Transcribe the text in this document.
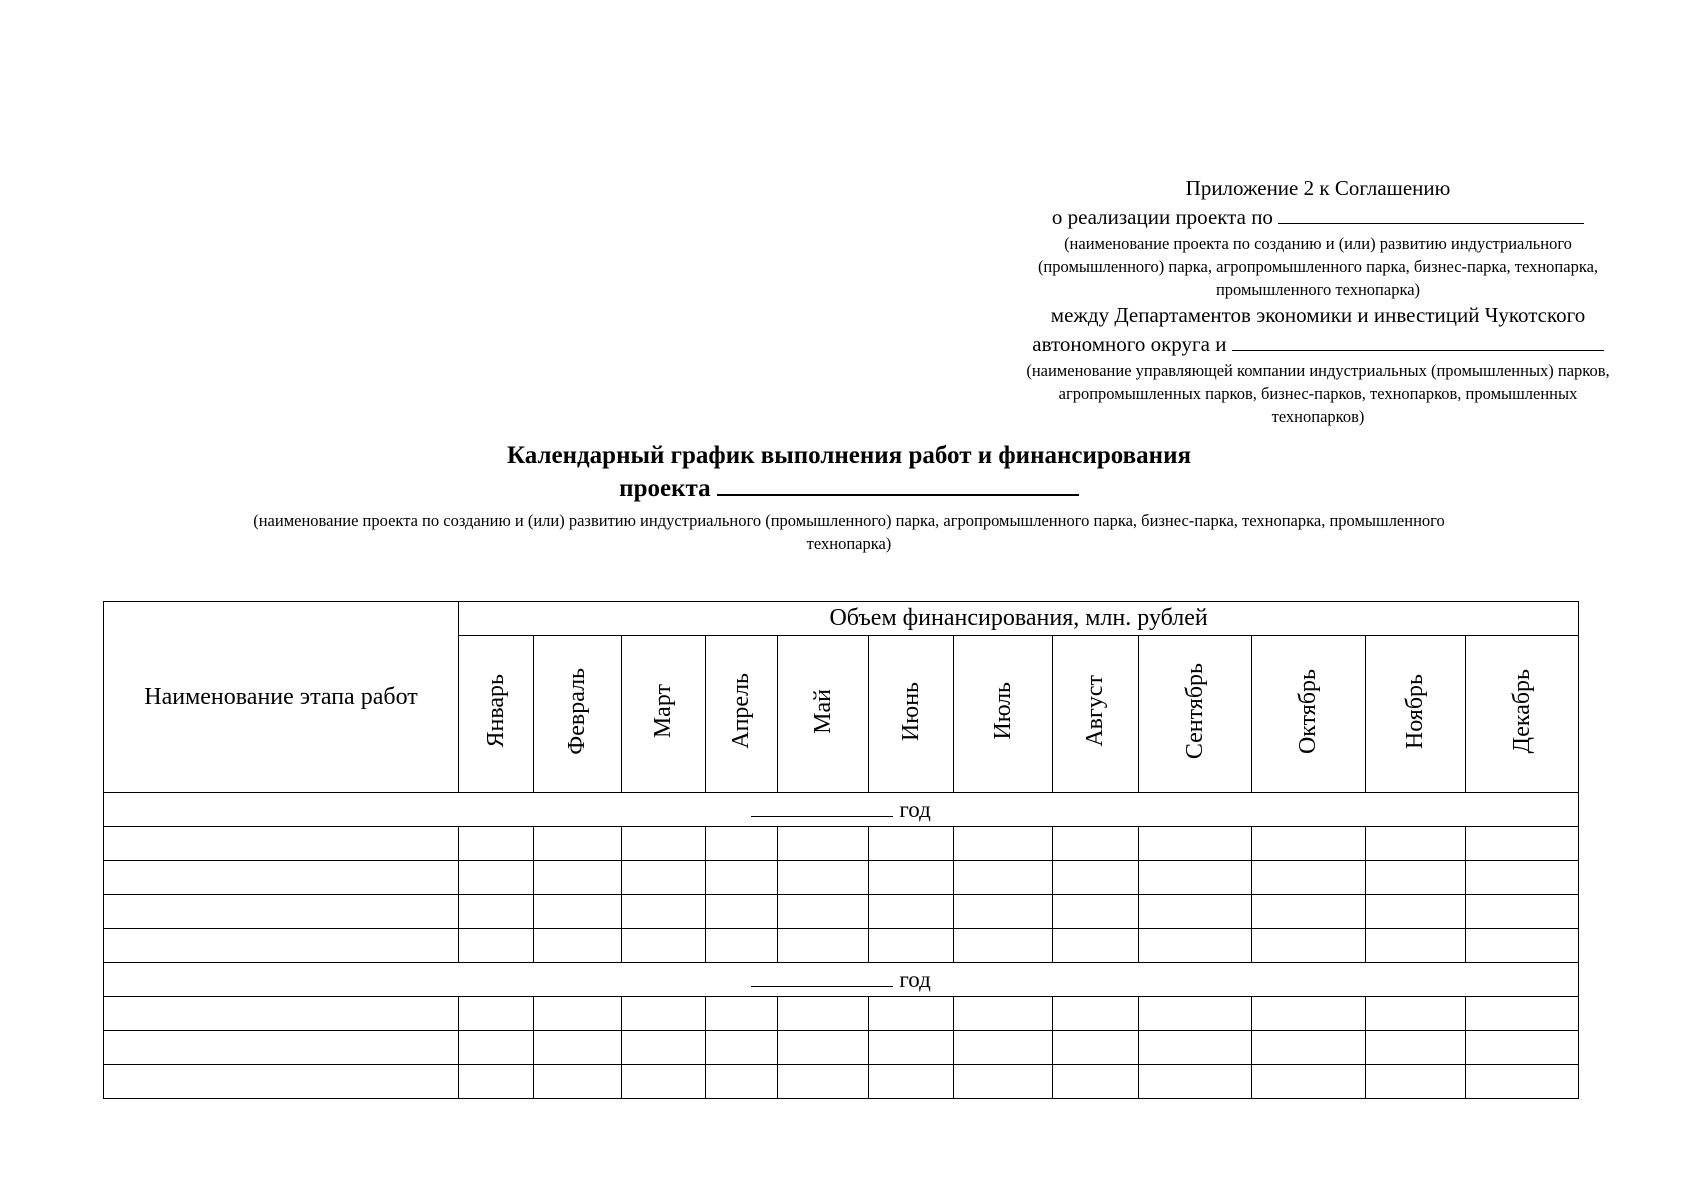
Приложение 2 к Соглашению
о реализации проекта по
(наименование проекта по созданию и (или) развитию индустриального
(промышленного) парка, агропромышленного парка, бизнес-парка, технопарка,
промышленного технопарка)
между Департаментов экономики и инвестиций Чукотского
автономного округа и
(наименование управляющей компании индустриальных (промышленных) парков,
агропромышленных парков, бизнес-парков, технопарков, промышленных
технопарков)
Календарный график выполнения работ и финансирования
проекта
(наименование проекта по созданию и (или) развитию индустриального (промышленного) парка, агропромышленного парка, бизнес-парка, технопарка, промышленного
технопарка)
Наименование этапа работ	Объем финансирования, млн. рублей											
	Январь	Февраль	Март	Апрель	Май	Июнь	Июль	Август	Сентябрь	Октябрь	Ноябрь	Декабрь
год												

год												
